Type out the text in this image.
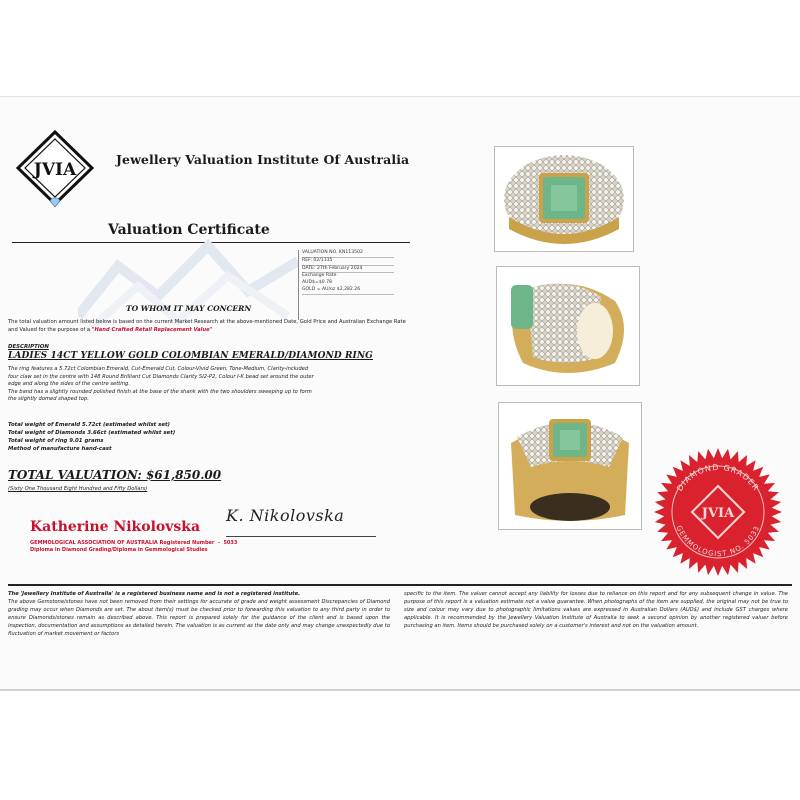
JVIA
Jewellery Valuation Institute Of Australia
Valuation Certificate
VALUATION NO. KN113502
REF: 02/1135
DATE: 27th February 2024
Exchange Rate
AUD$=$0.78
GOLD = AU/oz $2,282.26
TO WHOM IT MAY CONCERN
The total valuation amount listed below is based on the current Market Research at the above-mentioned Date, Gold Price and Australian Exchange Rate and Valued for the purpose of a "Hand Crafted Retail Replacement Value"
DESCRIPTION
LADIES 14CT YELLOW GOLD COLOMBIAN EMERALD/DIAMOND RING
The ring features a 5.72ct Colombian Emerald, Cut-Emerald Cut, Colour-Vivid Green, Tone-Medium, Clarity-included
four claw set in the centre with 148 Round Brilliant Cut Diamonds Clarity SI2-P2, Colour I-K bead set around the outer
edge and along the sides of the centre setting.
The band has a slightly rounded polished finish at the base of the shank with the two shoulders sweeping up to form
the slightly domed shaped top.
Total weight of Emerald 5.72ct (estimated whilst set)
Total weight of Diamonds 3.66ct (estimated whilst set)
Total weight of ring 9.01 grams
Method of manufacture hand-cast
TOTAL VALUATION: $61,850.00
(Sixty One Thousand Eight Hundred and Fifty Dollars)
Katherine Nikolovska
K. Nikolovska
GEMMOLOGICAL ASSOCIATION OF AUSTRALIA Registered Number  -  5033
Diploma in Diamond Grading/Diploma in Gemmological Studies
DIAMOND GRADER
GEMMOLOGIST NO. 5033
JVIA
The 'Jewellery Institute of Australia' is a registered business name and is not a registered institute.
The above Gemstone/stones have not been removed from their settings for accurate of grade and weight assessment Discrepancies of Diamond grading may occur when Diamonds are set. The about item(s) must be checked prior to forwarding this valuation to any third party in order to ensure Diamonds/stones remain as described above. This report is prepared solely for the guidance of the client and is based upon the inspection, documentation and assumptions as detailed herein. The valuation is as current as the date only and may change unexpectedly due to fluctuation of market movement or factors
specific to the item. The valuer cannot accept any liability for losses due to reliance on this report and for any subsequent change in value. The purpose of this report is a valuation estimate not a value guarantee. When photographs of the item are supplied, the original may not be true to size and colour may vary due to photographic limitations values are expressed in Australian Dollars (AUD$) and include GST charges where applicable. It is recommended by the Jewellery Valuation Institute of Australia to seek a second opinion by another registered valuer before purchasing an item. Items should be purchased solely on a customer's interest and not on the valuation amount.
